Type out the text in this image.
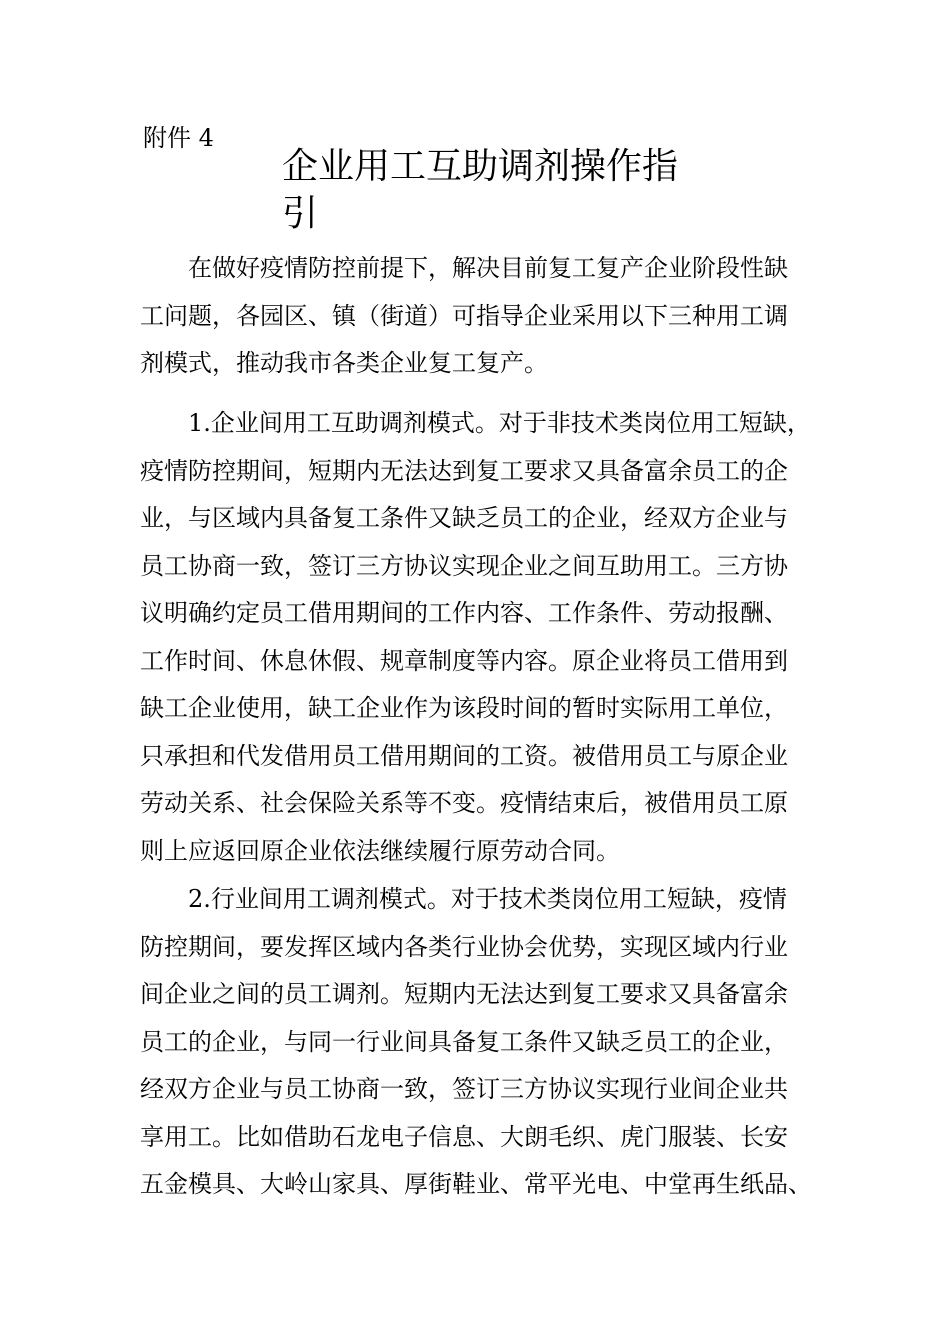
附件 4
企业用工互助调剂操作指
引

　　在做好疫情防控前提下，解决目前复工复产企业阶段性缺
工问题，各园区、镇（街道）可指导企业采用以下三种用工调
剂模式，推动我市各类企业复工复产。

　　1.企业间用工互助调剂模式。对于非技术类岗位用工短缺，
疫情防控期间，短期内无法达到复工要求又具备富余员工的企
业，与区域内具备复工条件又缺乏员工的企业，经双方企业与
员工协商一致，签订三方协议实现企业之间互助用工。三方协
议明确约定员工借用期间的工作内容、工作条件、劳动报酬、
工作时间、休息休假、规章制度等内容。原企业将员工借用到
缺工企业使用，缺工企业作为该段时间的暂时实际用工单位，
只承担和代发借用员工借用期间的工资。被借用员工与原企业
劳动关系、社会保险关系等不变。疫情结束后，被借用员工原
则上应返回原企业依法继续履行原劳动合同。

　　2.行业间用工调剂模式。对于技术类岗位用工短缺，疫情
防控期间，要发挥区域内各类行业协会优势，实现区域内行业
间企业之间的员工调剂。短期内无法达到复工要求又具备富余
员工的企业，与同一行业间具备复工条件又缺乏员工的企业，
经双方企业与员工协商一致，签订三方协议实现行业间企业共
享用工。比如借助石龙电子信息、大朗毛织、虎门服装、长安
五金模具、大岭山家具、厚街鞋业、常平光电、中堂再生纸品、
